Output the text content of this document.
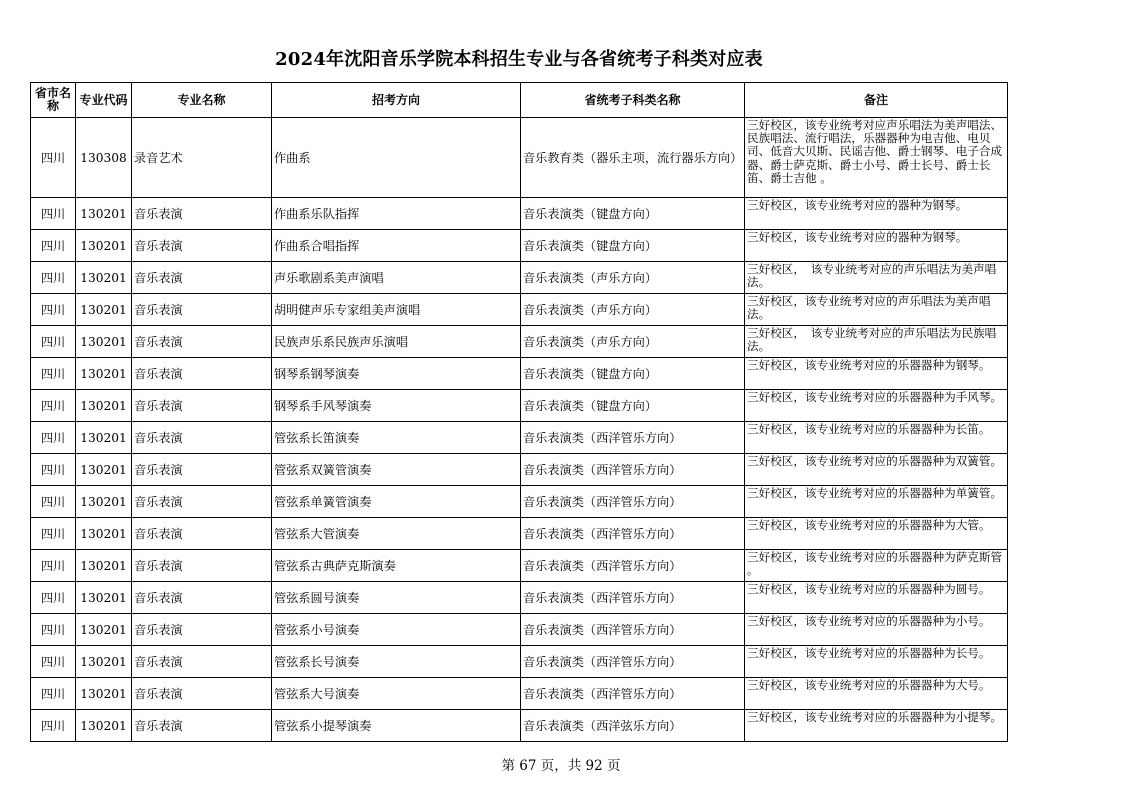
2024年沈阳音乐学院本科招生专业与各省统考子科类对应表
省市名称	专业代码	专业名称	招考方向	省统考子科类名称	备注
四川	130308	录音艺术	作曲系	音乐教育类（器乐主项，流行器乐方向）	三好校区，该专业统考对应声乐唱法为美声唱法、民族唱法、流行唱法，乐器器种为电吉他、电贝司、低音大贝斯、民谣吉他、爵士钢琴、电子合成器、爵士萨克斯、爵士小号、爵士长号、爵士长笛、爵士吉他 。
四川	130201	音乐表演	作曲系乐队指挥	音乐表演类（键盘方向）	三好校区，该专业统考对应的器种为钢琴。
四川	130201	音乐表演	作曲系合唱指挥	音乐表演类（键盘方向）	三好校区，该专业统考对应的器种为钢琴。
四川	130201	音乐表演	声乐歌剧系美声演唱	音乐表演类（声乐方向）	三好校区，　该专业统考对应的声乐唱法为美声唱法。
四川	130201	音乐表演	胡明健声乐专家组美声演唱	音乐表演类（声乐方向）	三好校区，该专业统考对应的声乐唱法为美声唱法。
四川	130201	音乐表演	民族声乐系民族声乐演唱	音乐表演类（声乐方向）	三好校区，　该专业统考对应的声乐唱法为民族唱法。
四川	130201	音乐表演	钢琴系钢琴演奏	音乐表演类（键盘方向）	三好校区，该专业统考对应的乐器器种为钢琴。
四川	130201	音乐表演	钢琴系手风琴演奏	音乐表演类（键盘方向）	三好校区，该专业统考对应的乐器器种为手风琴。
四川	130201	音乐表演	管弦系长笛演奏	音乐表演类（西洋管乐方向）	三好校区，该专业统考对应的乐器器种为长笛。
四川	130201	音乐表演	管弦系双簧管演奏	音乐表演类（西洋管乐方向）	三好校区，该专业统考对应的乐器器种为双簧管。
四川	130201	音乐表演	管弦系单簧管演奏	音乐表演类（西洋管乐方向）	三好校区，该专业统考对应的乐器器种为单簧管。
四川	130201	音乐表演	管弦系大管演奏	音乐表演类（西洋管乐方向）	三好校区，该专业统考对应的乐器器种为大管。
四川	130201	音乐表演	管弦系古典萨克斯演奏	音乐表演类（西洋管乐方向）	三好校区，该专业统考对应的乐器器种为萨克斯管 。
四川	130201	音乐表演	管弦系圆号演奏	音乐表演类（西洋管乐方向）	三好校区，该专业统考对应的乐器器种为圆号。
四川	130201	音乐表演	管弦系小号演奏	音乐表演类（西洋管乐方向）	三好校区，该专业统考对应的乐器器种为小号。
四川	130201	音乐表演	管弦系长号演奏	音乐表演类（西洋管乐方向）	三好校区，该专业统考对应的乐器器种为长号。
四川	130201	音乐表演	管弦系大号演奏	音乐表演类（西洋管乐方向）	三好校区，该专业统考对应的乐器器种为大号。
四川	130201	音乐表演	管弦系小提琴演奏	音乐表演类（西洋弦乐方向）	三好校区，该专业统考对应的乐器器种为小提琴。
第 67 页，共 92 页
